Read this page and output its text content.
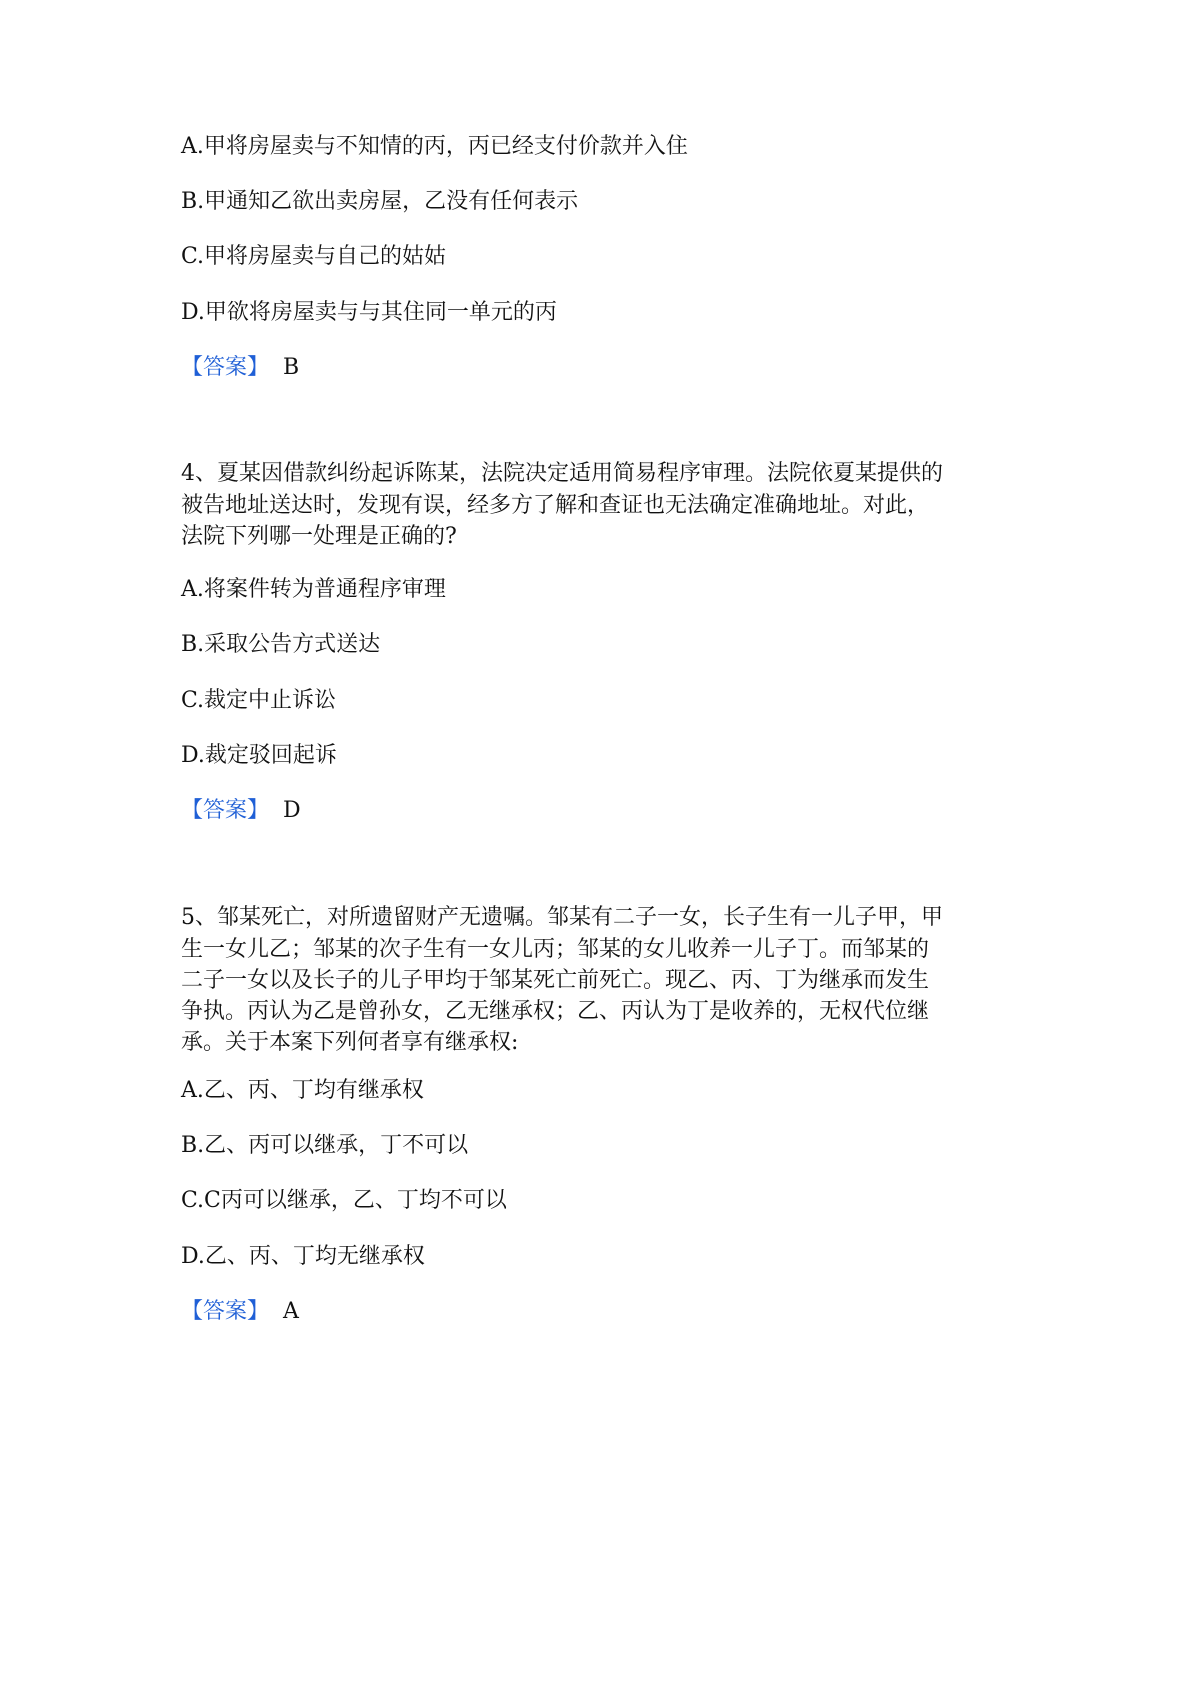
A.甲将房屋卖与不知情的丙，丙已经支付价款并入住
B.甲通知乙欲出卖房屋，乙没有任何表示
C.甲将房屋卖与自己的姑姑
D.甲欲将房屋卖与与其住同一单元的丙
【答案】 B
4、夏某因借款纠纷起诉陈某，法院决定适用简易程序审理。法院依夏某提供的
被告地址送达时，发现有误，经多方了解和查证也无法确定准确地址。对此，
法院下列哪一处理是正确的?
A.将案件转为普通程序审理
B.采取公告方式送达
C.裁定中止诉讼
D.裁定驳回起诉
【答案】 D
5、邹某死亡，对所遗留财产无遗嘱。邹某有二子一女，长子生有一儿子甲，甲
生一女儿乙；邹某的次子生有一女儿丙；邹某的女儿收养一儿子丁。而邹某的
二子一女以及长子的儿子甲均于邹某死亡前死亡。现乙、丙、丁为继承而发生
争执。丙认为乙是曾孙女，乙无继承权；乙、丙认为丁是收养的，无权代位继
承。关于本案下列何者享有继承权:
A.乙、丙、丁均有继承权
B.乙、丙可以继承，丁不可以
C.C丙可以继承，乙、丁均不可以
D.乙、丙、丁均无继承权
【答案】 A
